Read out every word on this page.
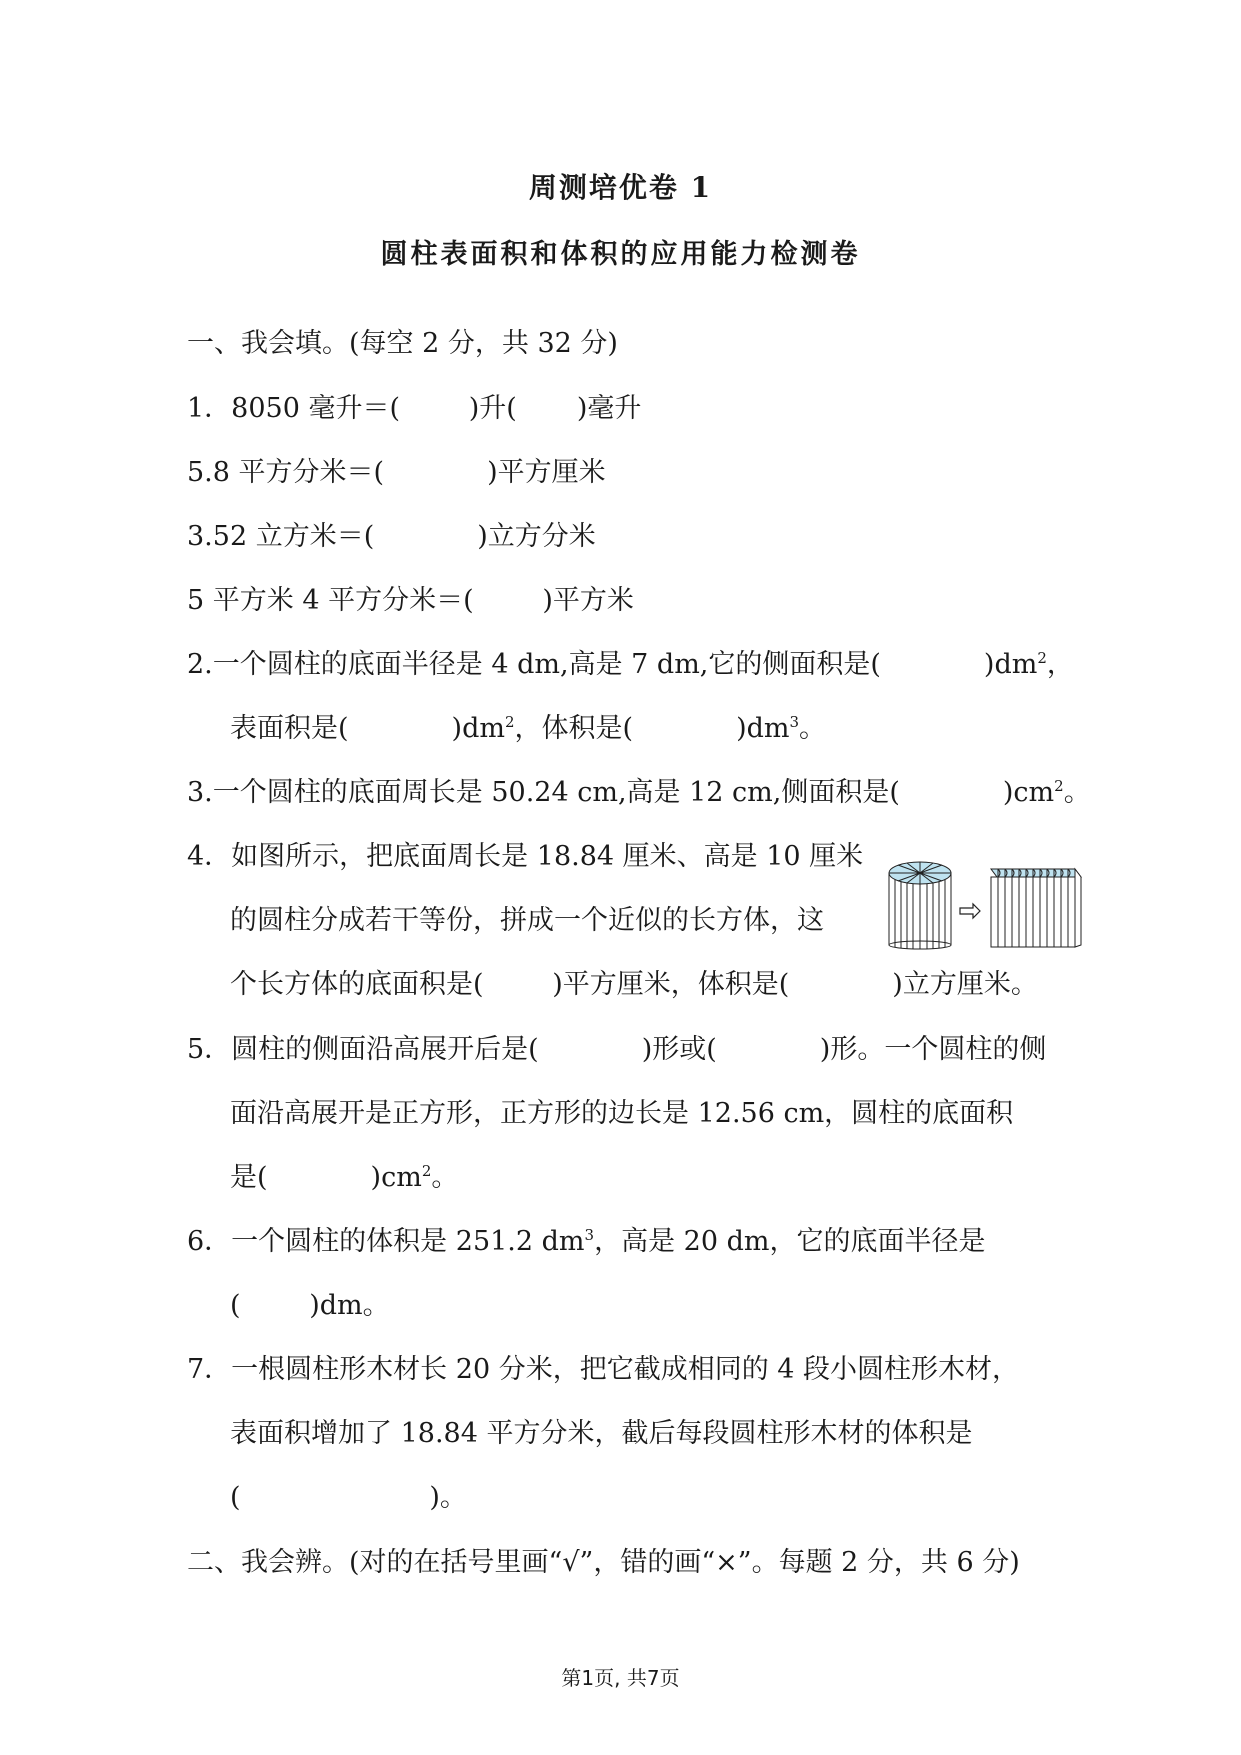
周测培优卷 1
圆柱表面积和体积的应用能力检测卷
一、我会填。(每空 2 分，共 32 分)
1．8050 毫升＝(	)升( )毫升
5.8 平方分米＝(	)平方厘米
3.52 立方米＝(	)立方分米
5 平方米 4 平方分米＝(	)平方米
2.一个圆柱的底面半径是 4 dm,高是 7 dm,它的侧面积是(	)$dm^2$，
表面积是(	)$dm^2$，体积是(	)$dm^3$。
3.一个圆柱的底面周长是 50.24 cm,高是 12 cm,侧面积是(	)$cm^2$。
4．如图所示，把底面周长是 18.84 厘米、高是 10 厘米
的圆柱分成若干等份，拼成一个近似的长方体，这
个长方体的底面积是(	)平方厘米，体积是(	)立方厘米。
5．圆柱的侧面沿高展开后是(	)形或(	)形。一个圆柱的侧
面沿高展开是正方形，正方形的边长是 12.56 cm，圆柱的底面积
是(	)$cm^2$。
6．一个圆柱的体积是 251.2 $dm^3$，高是 20 dm，它的底面半径是
(	)dm。
7．一根圆柱形木材长 20 分米，把它截成相同的 4 段小圆柱形木材，
表面积增加了 18.84 平方分米，截后每段圆柱形木材的体积是
(	)。
二、我会辨。(对的在括号里画“√”，错的画“×”。每题 2 分，共 6 分)
第1页, 共7页
